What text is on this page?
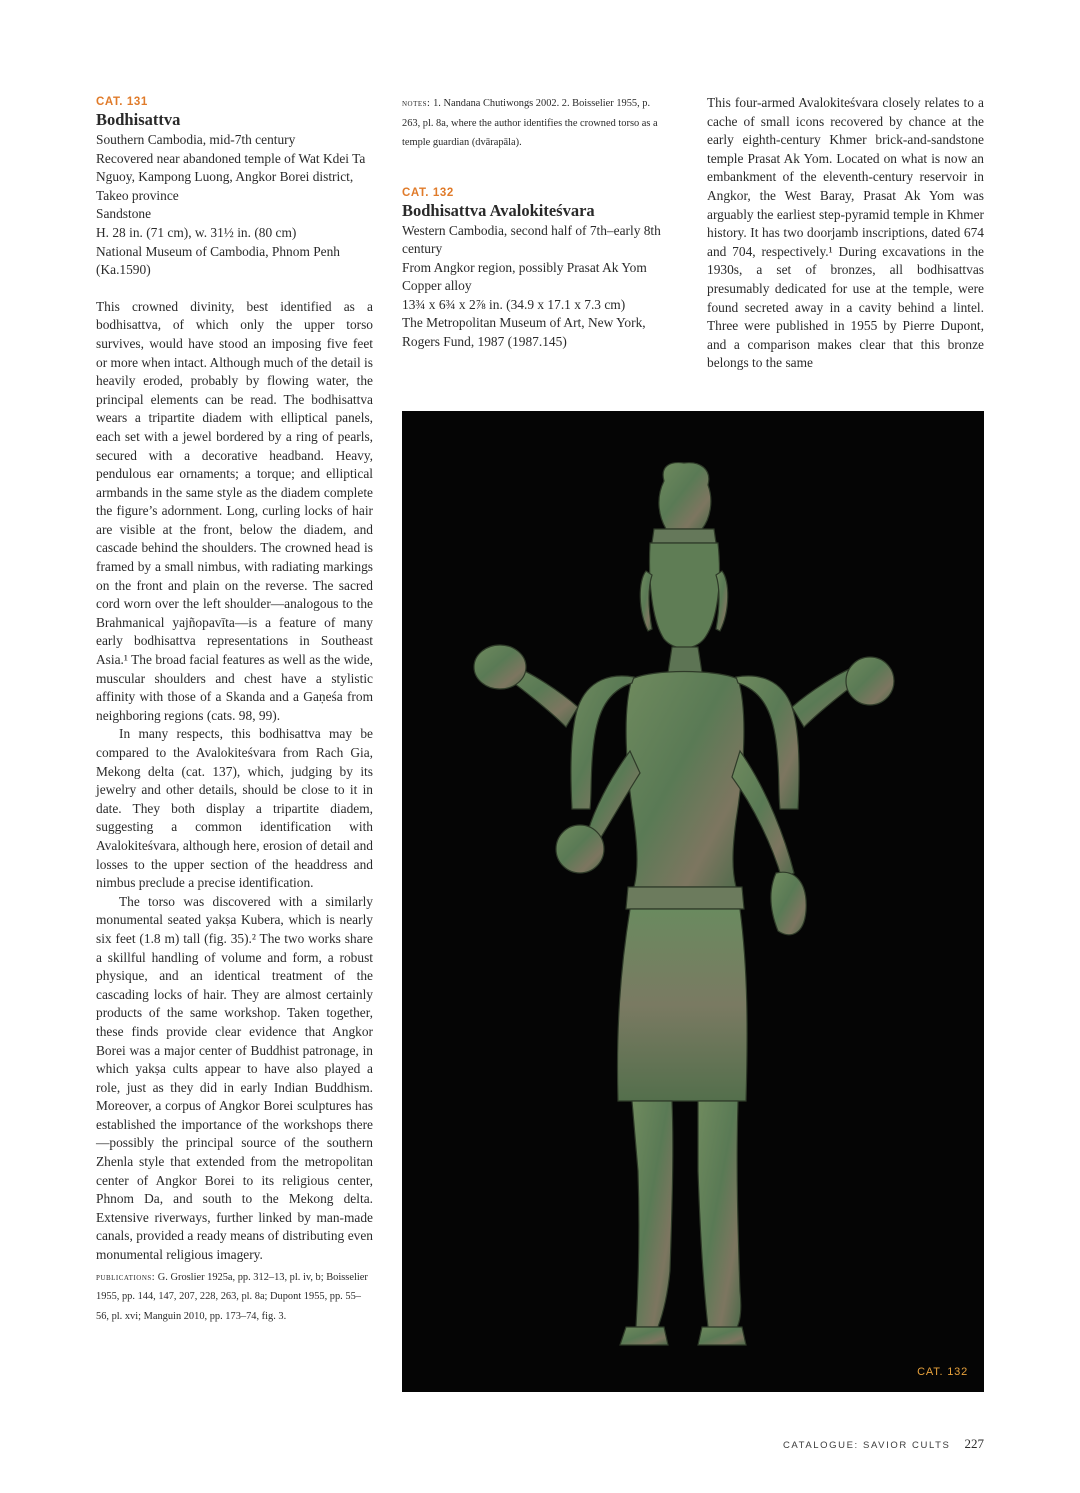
CAT. 131
Bodhisattva
Southern Cambodia, mid-7th century
Recovered near abandoned temple of Wat Kdei Ta Nguoy, Kampong Luong, Angkor Borei district, Takeo province
Sandstone
H. 28 in. (71 cm), w. 31½ in. (80 cm)
National Museum of Cambodia, Phnom Penh (Ka.1590)

This crowned divinity, best identified as a bodhisattva, of which only the upper torso survives, would have stood an imposing five feet or more when intact. Although much of the detail is heavily eroded, probably by flowing water, the principal elements can be read. The bodhisattva wears a tripartite diadem with elliptical panels, each set with a jewel bordered by a ring of pearls, secured with a decorative headband. Heavy, pendulous ear ornaments; a torque; and elliptical armbands in the same style as the diadem complete the figure’s adornment. Long, curling locks of hair are visible at the front, below the diadem, and cascade behind the shoulders. The crowned head is framed by a small nimbus, with radiating markings on the front and plain on the reverse. The sacred cord worn over the left shoulder—analogous to the Brahmanical yajñopavīta—is a feature of many early bodhisattva representations in Southeast Asia.¹ The broad facial features as well as the wide, muscular shoulders and chest have a stylistic affinity with those of a Skanda and a Gaṇeśa from neighboring regions (cats. 98, 99).

In many respects, this bodhisattva may be compared to the Avalokiteśvara from Rach Gia, Mekong delta (cat. 137), which, judging by its jewelry and other details, should be close to it in date. They both display a tripartite diadem, suggesting a common identification with Avalokiteśvara, although here, erosion of detail and losses to the upper section of the headdress and nimbus preclude a precise identification.

The torso was discovered with a similarly monumental seated yakṣa Kubera, which is nearly six feet (1.8 m) tall (fig. 35).² The two works share a skillful handling of volume and form, a robust physique, and an identical treatment of the cascading locks of hair. They are almost certainly products of the same workshop. Taken together, these finds provide clear evidence that Angkor Borei was a major center of Buddhist patronage, in which yakṣa cults appear to have also played a role, just as they did in early Indian Buddhism. Moreover, a corpus of Angkor Borei sculptures has established the importance of the workshops there—possibly the principal source of the southern Zhenla style that extended from the metropolitan center of Angkor Borei to its religious center, Phnom Da, and south to the Mekong delta. Extensive riverways, further linked by man-made canals, provided a ready means of distributing even monumental religious imagery.

publications: G. Groslier 1925a, pp. 312–13, pl. iv, b; Boisselier 1955, pp. 144, 147, 207, 228, 263, pl. 8a; Dupont 1955, pp. 55–56, pl. xvi; Manguin 2010, pp. 173–74, fig. 3.

notes: 1. Nandana Chutiwongs 2002. 2. Boisselier 1955, p. 263, pl. 8a, where the author identifies the crowned torso as a temple guardian (dvārapāla).

CAT. 132
Bodhisattva Avalokiteśvara
Western Cambodia, second half of 7th–early 8th century
From Angkor region, possibly Prasat Ak Yom
Copper alloy
13¾ x 6¾ x 2⅞ in. (34.9 x 17.1 x 7.3 cm)
The Metropolitan Museum of Art, New York, Rogers Fund, 1987 (1987.145)

This four-armed Avalokiteśvara closely relates to a cache of small icons recovered by chance at the early eighth-century Khmer brick-and-sandstone temple Prasat Ak Yom. Located on what is now an embankment of the eleventh-century reservoir in Angkor, the West Baray, Prasat Ak Yom was arguably the earliest step-pyramid temple in Khmer history. It has two doorjamb inscriptions, dated 674 and 704, respectively.¹ During excavations in the 1930s, a set of bronzes, all bodhisattvas presumably dedicated for use at the temple, were found secreted away in a cavity behind a lintel. Three were published in 1955 by Pierre Dupont, and a comparison makes clear that this bronze belongs to the same

CAT. 132
CATALOGUE: SAVIOR CULTS 227
